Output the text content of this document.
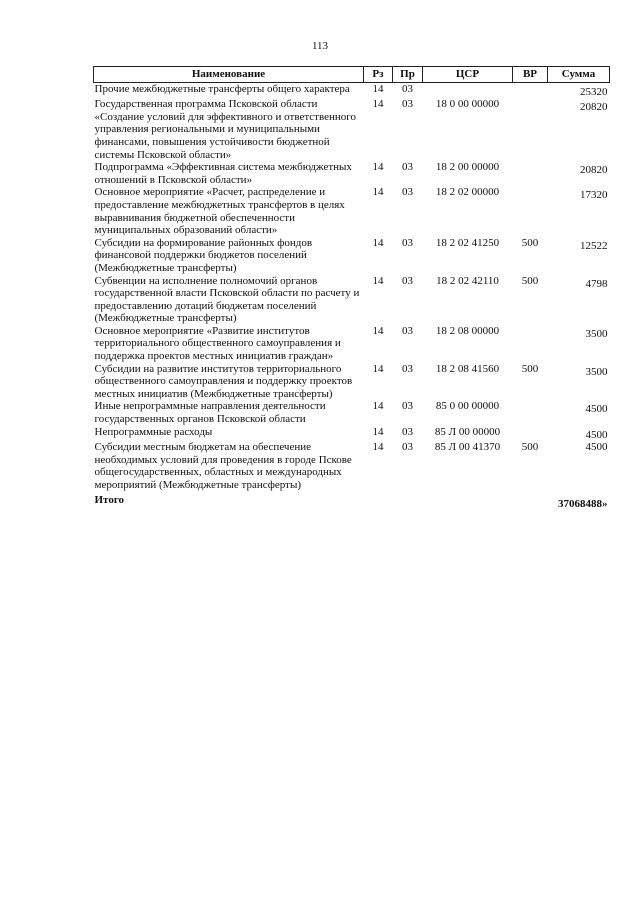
113
Наименование	Рз	Пр	ЦСР	ВР	Сумма
Прочие межбюджетные трансферты общего характера	14	03			25320
Государственная программа Псковской области «Создание условий для эффективного и ответственного управления региональными и муниципальными финансами, повышения устойчивости бюджетной системы Псковской области»	14	03	18 0 00 00000		20820
Подпрограмма «Эффективная система межбюджетных отношений в Псковской области»	14	03	18 2 00 00000		20820
Основное мероприятие «Расчет, распределение и предоставление межбюджетных трансфертов в целях выравнивания бюджетной обеспеченности муниципальных образований области»	14	03	18 2 02 00000		17320
Субсидии на формирование районных фондов финансовой поддержки бюджетов поселений (Межбюджетные трансферты)	14	03	18 2 02 41250	500	12522
Субвенции на исполнение полномочий органов государственной власти Псковской области по расчету и предоставлению дотаций бюджетам поселений (Межбюджетные трансферты)	14	03	18 2 02 42110	500	4798
Основное мероприятие «Развитие институтов территориального общественного самоуправления и поддержка проектов местных инициатив граждан»	14	03	18 2 08 00000		3500
Субсидии на развитие институтов территориального общественного самоуправления и поддержку проектов местных инициатив (Межбюджетные трансферты)	14	03	18 2 08 41560	500	3500
Иные непрограммные направления деятельности государственных органов Псковской области	14	03	85 0 00 00000		4500
Непрограммные расходы	14	03	85 Л 00 00000		4500
Субсидии местным бюджетам на обеспечение необходимых условий для проведения в городе Пскове общегосударственных, областных и международных мероприятий (Межбюджетные трансферты)	14	03	85 Л 00 41370	500	4500
Итого					37068488»
